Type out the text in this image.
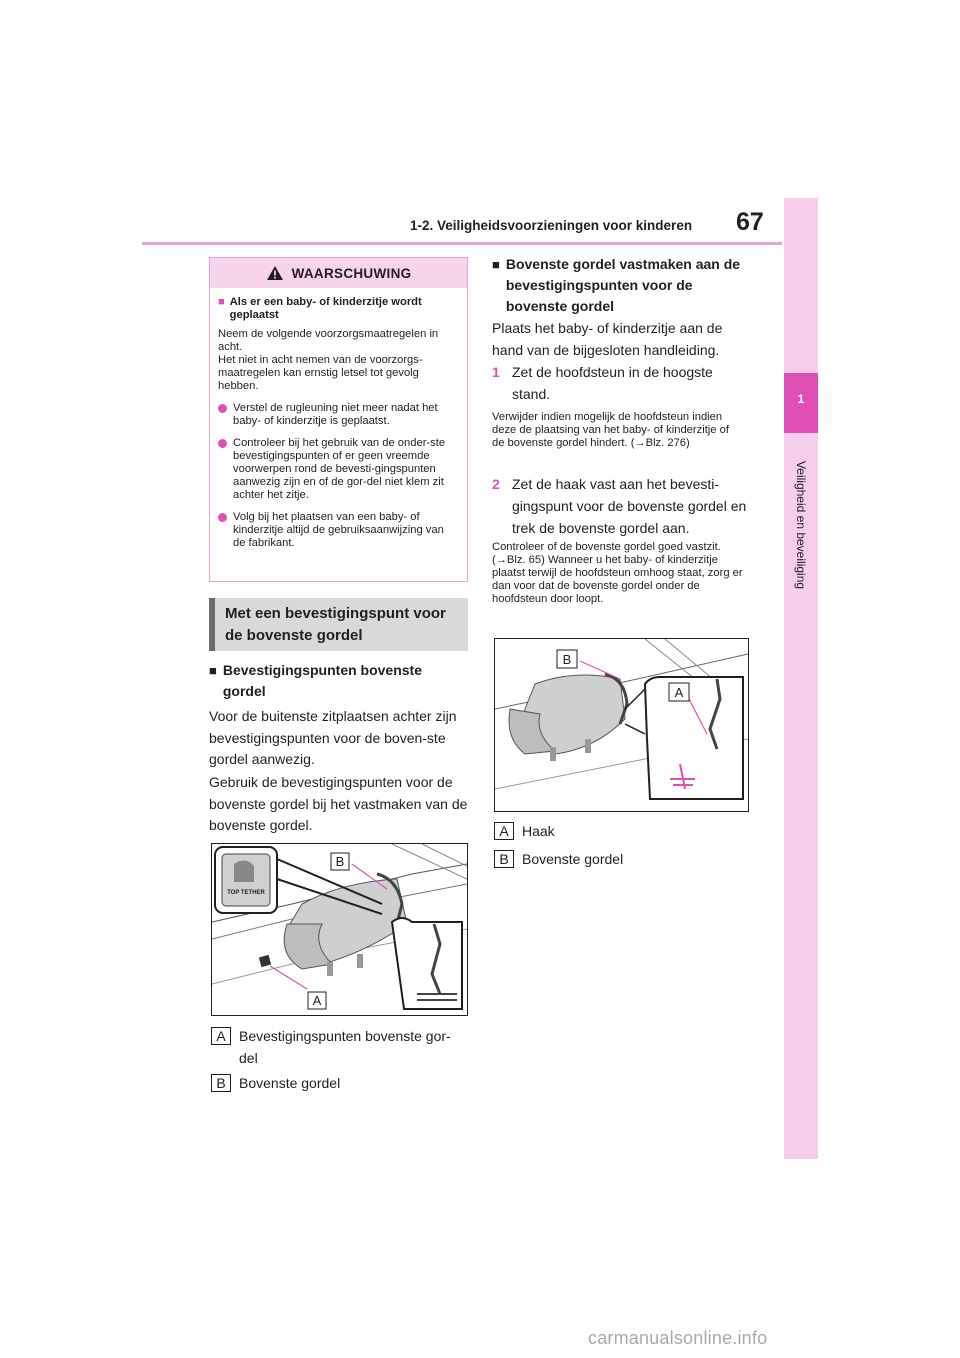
1-2. Veiligheidsvoorzieningen voor kinderen 67
1
Veiligheid en beveiliging
WAARSCHUWING
■ Als er een baby- of kinderzitje wordt geplaatst
Neem de volgende voorzorgsmaatregelen in acht.
Het niet in acht nemen van de voorzorgs-maatregelen kan ernstig letsel tot gevolg hebben.
Verstel de rugleuning niet meer nadat het baby- of kinderzitje is geplaatst.
Controleer bij het gebruik van de onder-ste bevestigingspunten of er geen vreemde voorwerpen rond de bevesti-gingspunten aanwezig zijn en of de gor-del niet klem zit achter het zitje.
Volg bij het plaatsen van een baby- of kinderzitje altijd de gebruiksaanwijzing van de fabrikant.
Met een bevestigingspunt voor de bovenste gordel
■ Bevestigingspunten bovenste gordel
Voor de buitenste zitplaatsen achter zijn bevestigingspunten voor de boven-ste gordel aanwezig.
Gebruik de bevestigingspunten voor de bovenste gordel bij het vastmaken van de bovenste gordel.
TOP TETHER
B
A
A Bevestigingspunten bovenste gor-del
B Bovenste gordel
■ Bovenste gordel vastmaken aan de bevestigingspunten voor de bovenste gordel
Plaats het baby- of kinderzitje aan de hand van de bijgesloten handleiding.
1 Zet de hoofdsteun in de hoogste stand.
Verwijder indien mogelijk de hoofdsteun indien deze de plaatsing van het baby- of kinderzitje of de bovenste gordel hindert. (→Blz. 276)
2 Zet de haak vast aan het bevesti-gingspunt voor de bovenste gordel en trek de bovenste gordel aan.
Controleer of de bovenste gordel goed vastzit. (→Blz. 65) Wanneer u het baby- of kinderzitje plaatst terwijl de hoofdsteun omhoog staat, zorg er dan voor dat de bovenste gordel onder de hoofdsteun door loopt.
B
A
A Haak
B Bovenste gordel
carmanualsonline.info
